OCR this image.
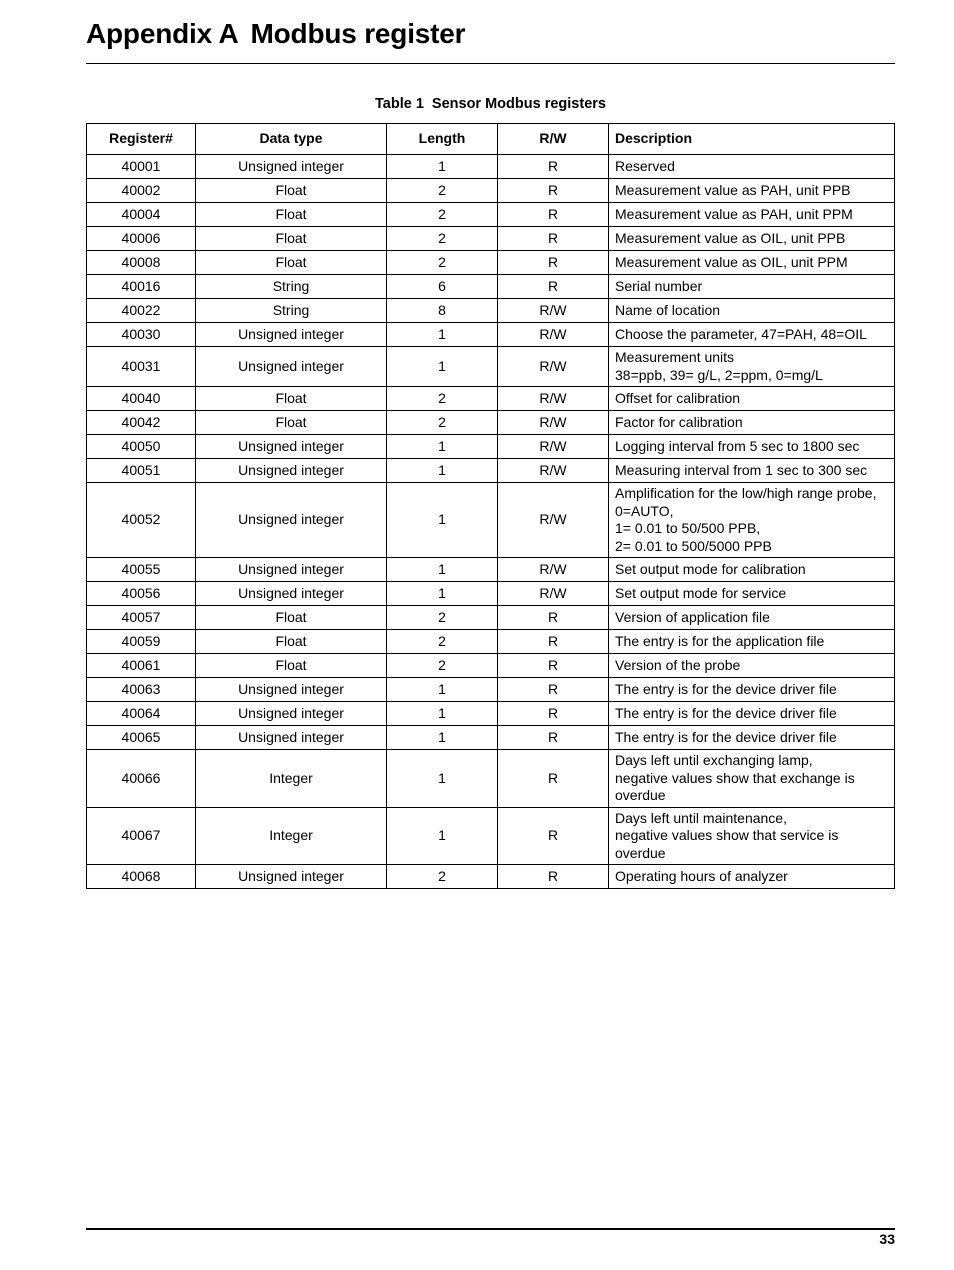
Appendix A Modbus register
Table 1 Sensor Modbus registers
Register#	Data type	Length	R/W	Description
40001	Unsigned integer	1	R	Reserved

40002	Float	2	R	Measurement value as PAH, unit PPB

40004	Float	2	R	Measurement value as PAH, unit PPM

40006	Float	2	R	Measurement value as OIL, unit PPB

40008	Float	2	R	Measurement value as OIL, unit PPM

40016	String	6	R	Serial number

40022	String	8	R/W	Name of location

40030	Unsigned integer	1	R/W	Choose the parameter, 47=PAH, 48=OIL

40031	Unsigned integer	1	R/W	Measurement units
38=ppb, 39= g/L, 2=ppm, 0=mg/L

40040	Float	2	R/W	Offset for calibration

40042	Float	2	R/W	Factor for calibration

40050	Unsigned integer	1	R/W	Logging interval from 5 sec to 1800 sec

40051	Unsigned integer	1	R/W	Measuring interval from 1 sec to 300 sec

40052	Unsigned integer	1	R/W	Amplification for the low/high range probe,
0=AUTO,
1= 0.01 to 50/500 PPB,
2= 0.01 to 500/5000 PPB

40055	Unsigned integer	1	R/W	Set output mode for calibration

40056	Unsigned integer	1	R/W	Set output mode for service

40057	Float	2	R	Version of application file

40059	Float	2	R	The entry is for the application file

40061	Float	2	R	Version of the probe

40063	Unsigned integer	1	R	The entry is for the device driver file

40064	Unsigned integer	1	R	The entry is for the device driver file

40065	Unsigned integer	1	R	The entry is for the device driver file

40066	Integer	1	R	Days left until exchanging lamp,
negative values show that exchange is overdue

40067	Integer	1	R	Days left until maintenance,
negative values show that service is overdue

40068	Unsigned integer	2	R	Operating hours of analyzer
33
